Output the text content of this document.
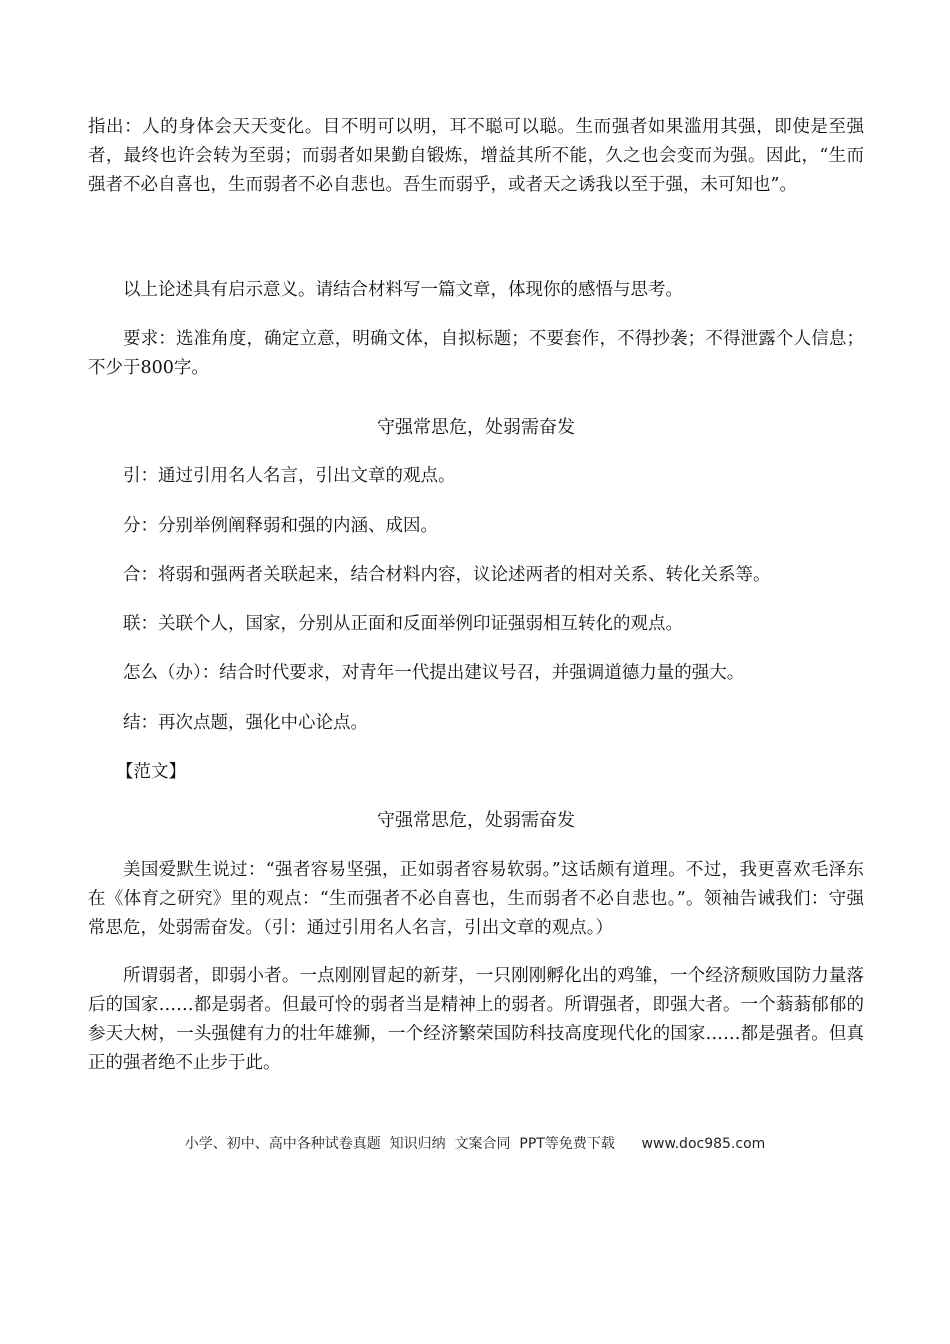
指出：人的身体会天天变化。目不明可以明，耳不聪可以聪。生而强者如果滥用其强，即使是至强者，最终也许会转为至弱；而弱者如果勤自锻炼，增益其所不能，久之也会变而为强。因此，“生而强者不必自喜也，生而弱者不必自悲也。吾生而弱乎，或者天之诱我以至于强，未可知也”。

以上论述具有启示意义。请结合材料写一篇文章，体现你的感悟与思考。

要求：选准角度，确定立意，明确文体，自拟标题；不要套作，不得抄袭；不得泄露个人信息；不少于800字。

守强常思危，处弱需奋发

引：通过引用名人名言，引出文章的观点。

分：分别举例阐释弱和强的内涵、成因。

合：将弱和强两者关联起来，结合材料内容，议论述两者的相对关系、转化关系等。

联：关联个人，国家，分别从正面和反面举例印证强弱相互转化的观点。

怎么（办）：结合时代要求，对青年一代提出建议号召，并强调道德力量的强大。

结：再次点题，强化中心论点。

【范文】

守强常思危，处弱需奋发

美国爱默生说过：“强者容易坚强，正如弱者容易软弱。”这话颇有道理。不过，我更喜欢毛泽东在《体育之研究》里的观点：“生而强者不必自喜也，生而弱者不必自悲也。”。领袖告诫我们：守强常思危，处弱需奋发。（引：通过引用名人名言，引出文章的观点。）

所谓弱者，即弱小者。一点刚刚冒起的新芽，一只刚刚孵化出的鸡雏，一个经济颓败国防力量落后的国家……都是弱者。但最可怜的弱者当是精神上的弱者。所谓强者，即强大者。一个蓊蓊郁郁的参天大树，一头强健有力的壮年雄狮，一个经济繁荣国防科技高度现代化的国家……都是强者。但真正的强者绝不止步于此。

小学、初中、高中各种试卷真题  知识归纳  文案合同  PPT等免费下载      www.doc985.com
